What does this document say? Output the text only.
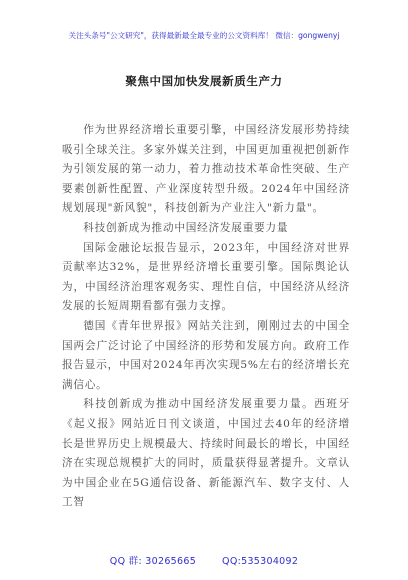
关注头条号"公文研究"，获得最新最全最专业的公文资料库！ 微信：gongwenyj
聚焦中国加快发展新质生产力

作为世界经济增长重要引擎，中国经济发展形势持续吸引全球关注。多家外媒关注到，中国更加重视把创新作为引领发展的第一动力，着力推动技术革命性突破、生产要素创新性配置、产业深度转型升级。2024年中国经济规划展现"新风貌"，科技创新为产业注入"新力量"。

科技创新成为推动中国经济发展重要力量

国际金融论坛报告显示，2023年，中国经济对世界贡献率达32%，是世界经济增长重要引擎。国际舆论认为，中国经济治理客观务实、理性自信，中国经济从经济发展的长短周期看都有强力支撑。

德国《青年世界报》网站关注到，刚刚过去的中国全国两会广泛讨论了中国经济的形势和发展方向。政府工作报告显示，中国对2024年再次实现5%左右的经济增长充满信心。

科技创新成为推动中国经济发展重要力量。西班牙《起义报》网站近日刊文谈道，中国过去40年的经济增长是世界历史上规模最大、持续时间最长的增长，中国经济在实现总规模扩大的同时，质量获得显著提升。文章认为中国企业在5G通信设备、新能源汽车、数字支付、人工智

QQ 群: 30265665	QQ:535304092
